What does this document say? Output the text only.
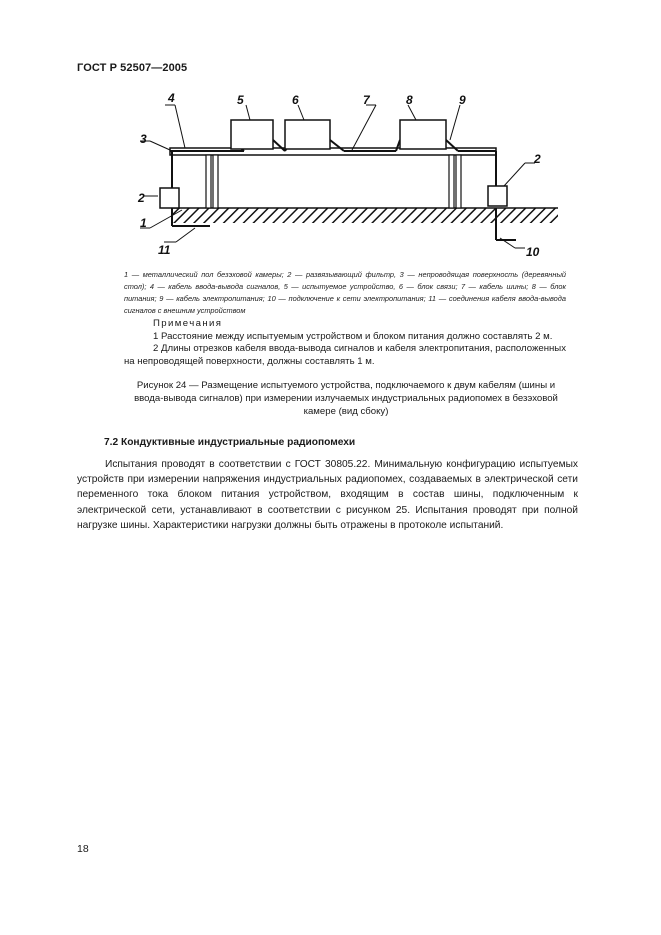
ГОСТ Р 52507—2005
4	5	6	7	8	9
3
2
2
1
11	10
1 — металлический пол безэховой камеры; 2 — развязывающий фильтр, 3 — непроводящая поверхность (деревянный стол); 4 — кабель ввода-вывода сигналов, 5 — испытуемое устройство, 6 — блок связи; 7 — кабель шины; 8 — блок питания; 9 — кабель электропитания; 10 — подключение к сети электропитания; 11 — соединения кабеля ввода-вывода сигналов с внешним устройством
Примечания
1 Расстояние между испытуемым устройством и блоком питания должно составлять 2 м.
2 Длины отрезков кабеля ввода-вывода сигналов и кабеля электропитания, расположенных на непроводящей поверхности, должны составлять 1 м.
Рисунок 24 — Размещение испытуемого устройства, подключаемого к двум кабелям (шины и ввода-вывода сигналов) при измерении излучаемых индустриальных радиопомех в безэховой камере (вид сбоку)
7.2 Кондуктивные индустриальные радиопомехи
Испытания проводят в соответствии с ГОСТ 30805.22. Минимальную конфигурацию испытуемых устройств при измерении напряжения индустриальных радиопомех, создаваемых в электрической сети переменного тока блоком питания устройством, входящим в состав шины, подключенным к электрической сети, устанавливают в соответствии с рисунком 25. Испытания проводят при полной нагрузке шины. Характеристики нагрузки должны быть отражены в протоколе испытаний.
18
